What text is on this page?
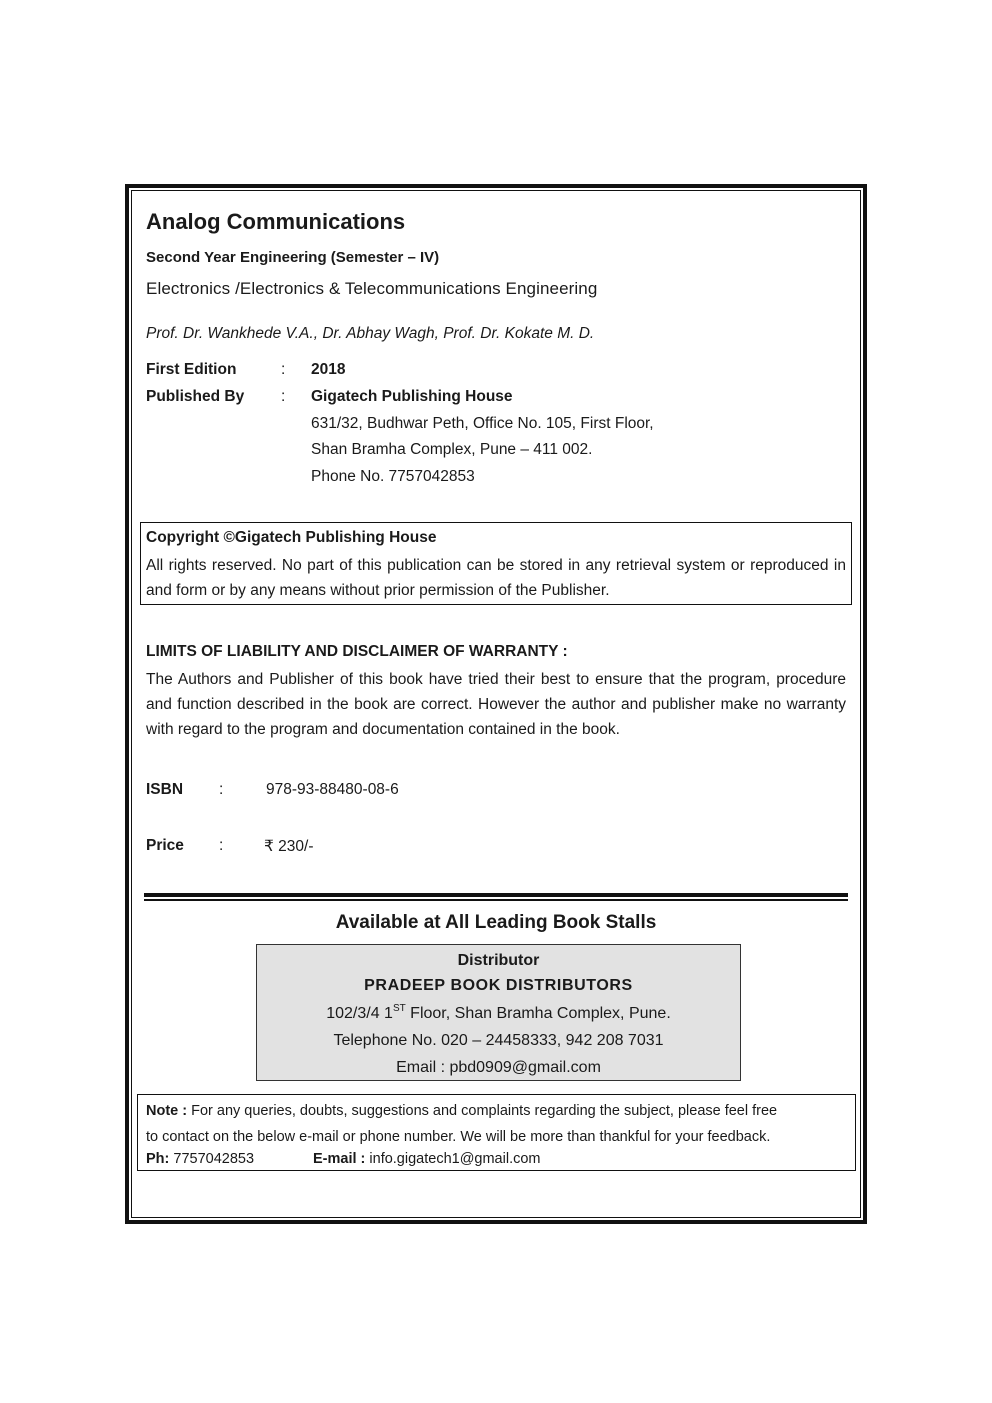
Analog Communications
Second Year Engineering (Semester – IV)
Electronics /Electronics & Telecommunications Engineering
Prof. Dr. Wankhede V.A., Dr. Abhay Wagh, Prof. Dr. Kokate M. D.
First Edition	: 2018
Published By : Gigatech Publishing House
631/32, Budhwar Peth, Office No. 105, First Floor,
Shan Bramha Complex, Pune – 411 002.
Phone No. 7757042853
Copyright ©Gigatech Publishing House
All rights reserved. No part of this publication can be stored in any retrieval system or reproduced in and form or by any means without prior permission of the Publisher.
LIMITS OF LIABILITY AND DISCLAIMER OF WARRANTY :
The Authors and Publisher of this book have tried their best to ensure that the program, procedure and function described in the book are correct. However the author and publisher make no warranty with regard to the program and documentation contained in the book.
ISBN :	978-93-88480-08-6
Price :	₹ 230/-
Available at All Leading Book Stalls
Distributor
PRADEEP BOOK DISTRIBUTORS
102/3/4 1ST Floor, Shan Bramha Complex, Pune.
Telephone No. 020 – 24458333, 942 208 7031
Email : pbd0909@gmail.com
Note : For any queries, doubts, suggestions and complaints regarding the subject, please feel free
to contact on the below e-mail or phone number. We will be more than thankful for your feedback.
Ph: 7757042853	E-mail : info.gigatech1@gmail.com
